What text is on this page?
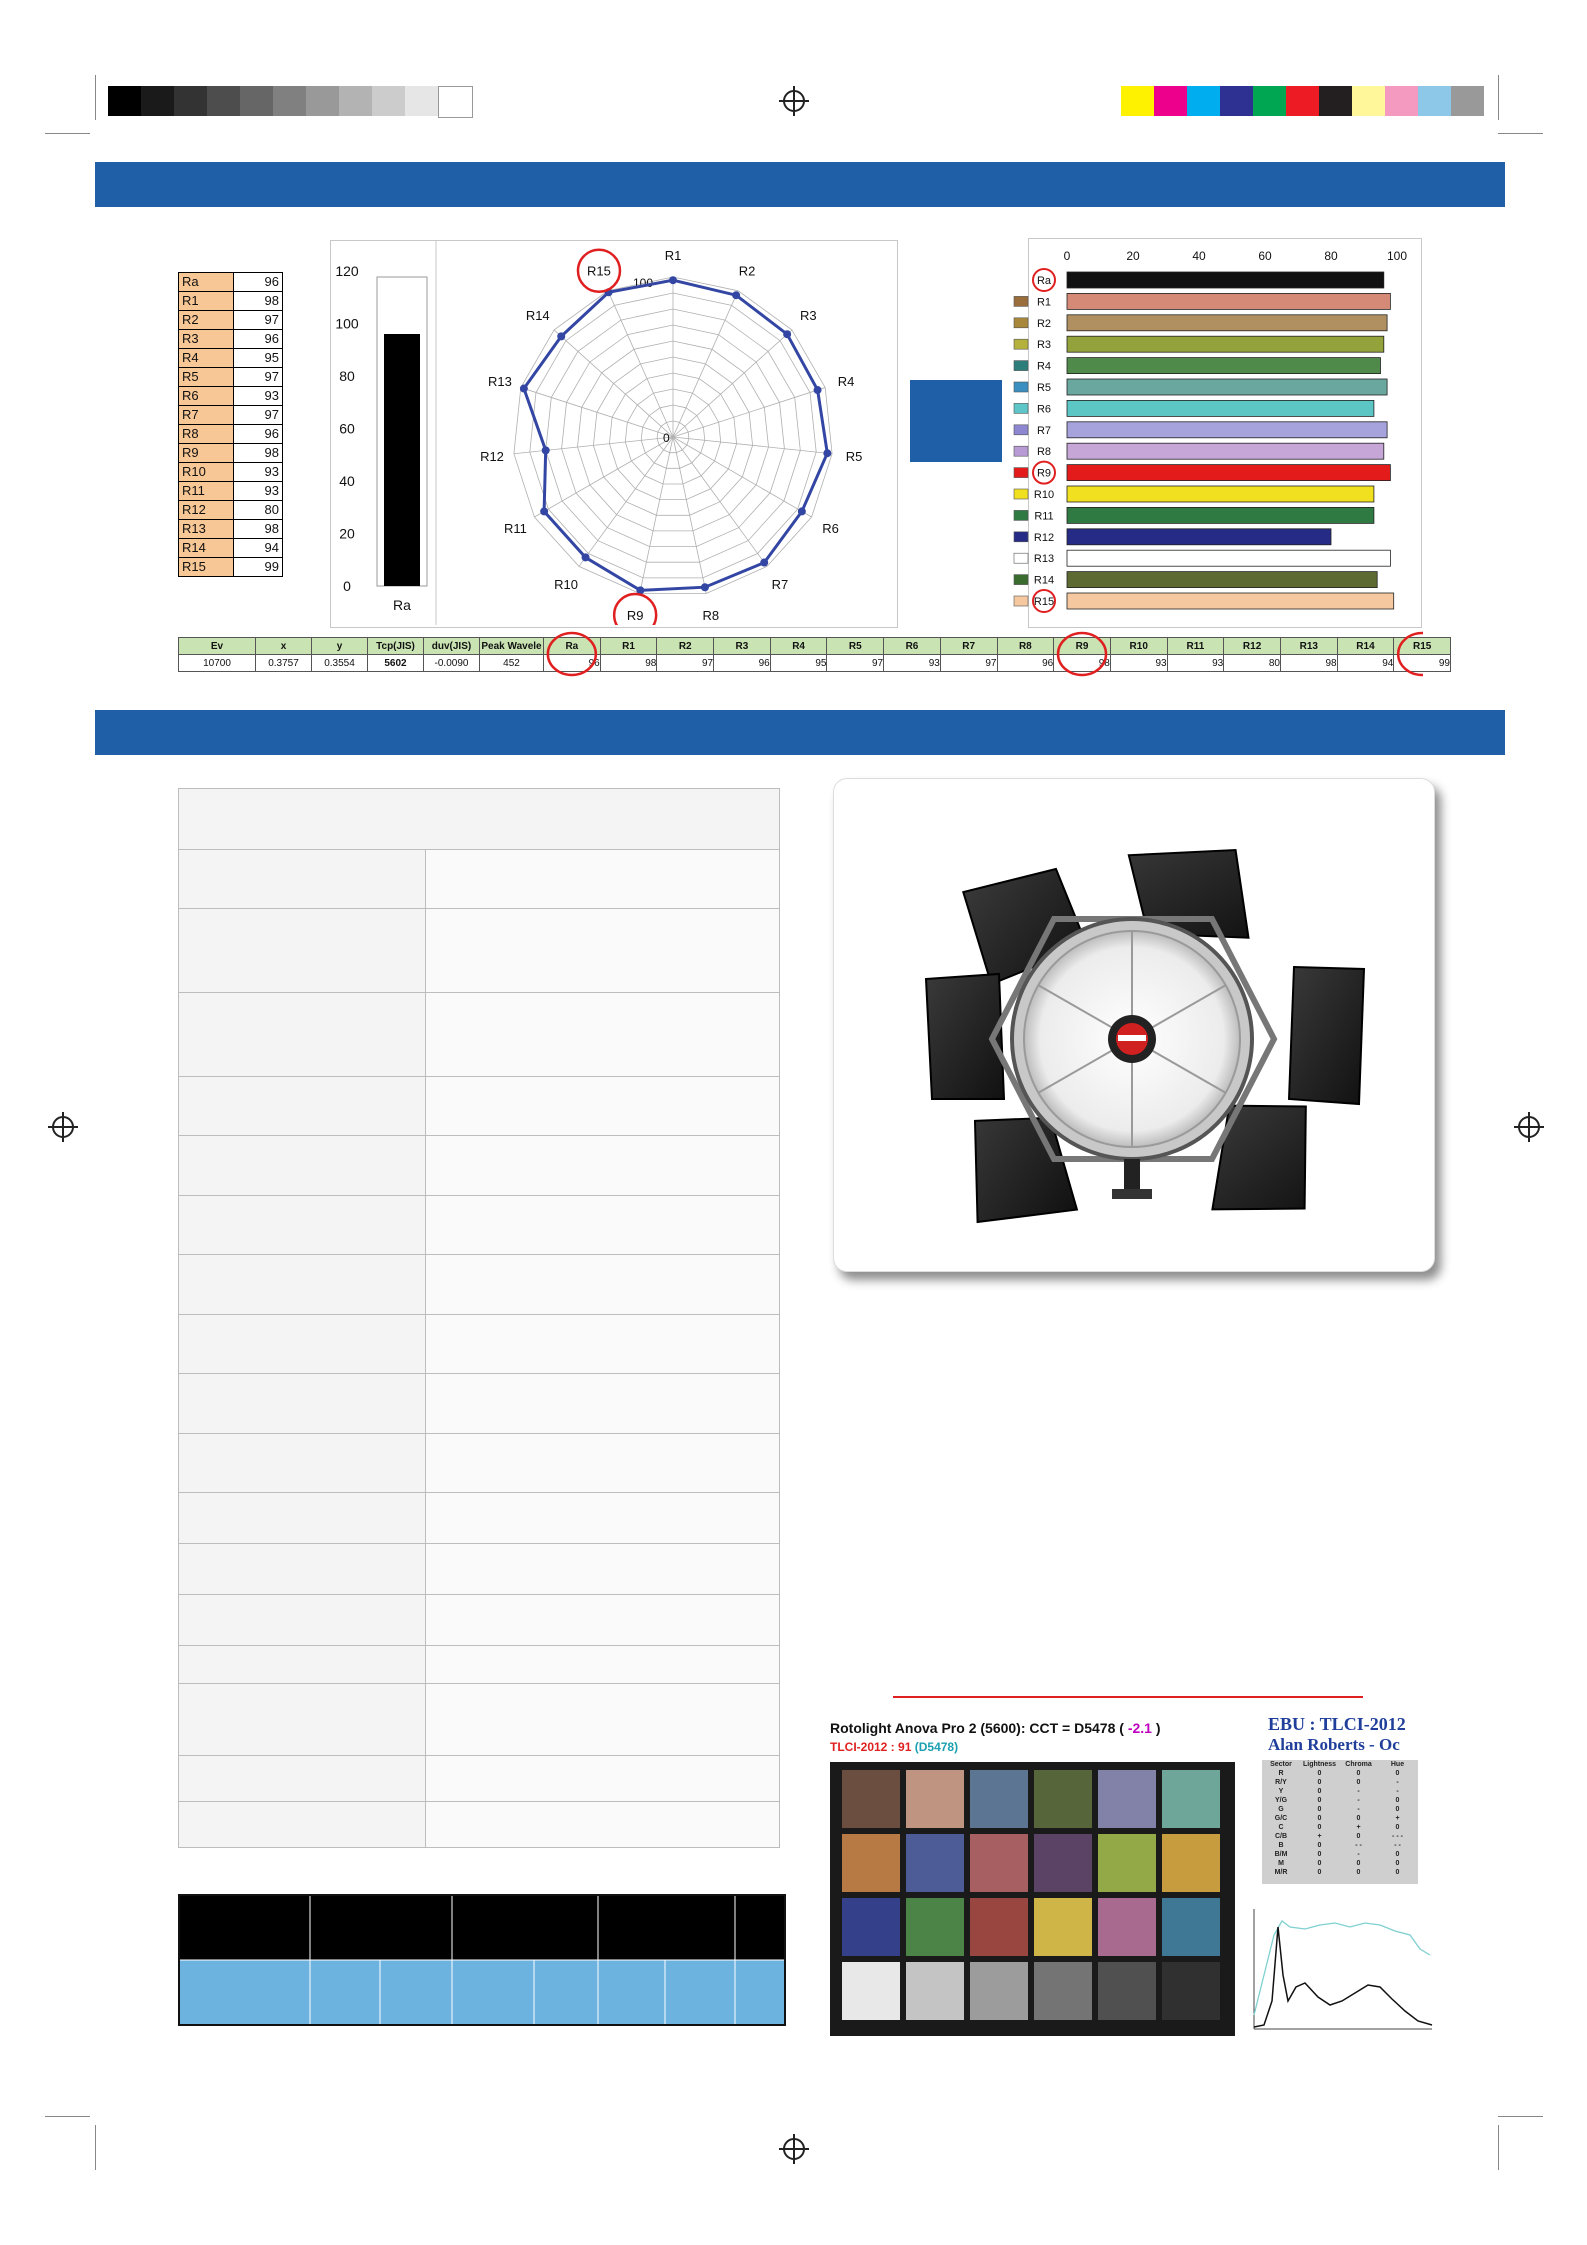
Ra	96
R1	98
R2	97
R3	96
R4	95
R5	97
R6	93
R7	97
R8	96
R9	98
R10	93
R11	93
R12	80
R13	98
R14	94
R15	99
0
20
40
60
80
100
120
Ra
0
100
R1
R2
R3
R4
R5
R6
R7
R8
R9
R10
R11
R12
R13
R14
R15
0	20	40	60	80	100
Ra
R1
R2
R3
R4
R5
R6
R7
R8
R9
R10
R11
R12
R13
R14
R15
Ev	x	y	Tcp(JIS)	duv(JIS)	Peak Wavele	Ra	R1	R2	R3	R4	R5	R6	R7	R8	R9	R10	R11	R12	R13	R14	R15
10700	0.3757	0.3554	5602	-0.0090	452	96	98	97	96	95	97	93	97	96	98	93	93	80	98	94	99
Rotolight Anova Pro 2 (5600): CCT = D5478 ( -2.1 )
TLCI-2012 : 91 (D5478)
EBU : TLCI-2012
Alan Roberts - Oc
Sector	Lightness	Chroma	Hue
R	0	0	0
R/Y	0	0	-
Y	0	-	-
Y/G	0	-	0
G	0	-	0
G/C	0	0	+
C	0	+	0
C/B	+	0	- - -
B	0	- -	- -
B/M	0	-	0
M	0	0	0
M/R	0	0	0
